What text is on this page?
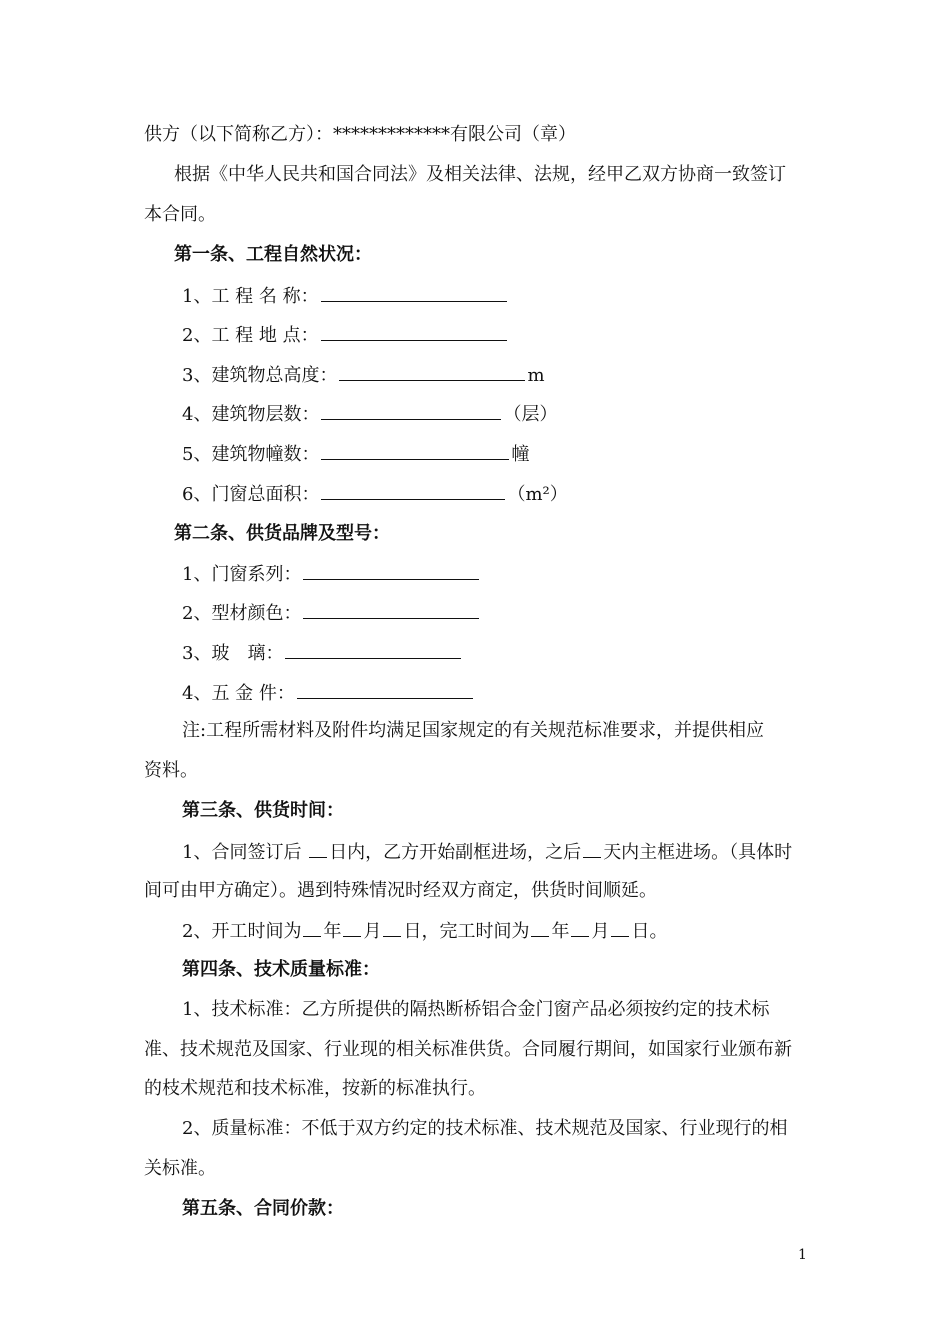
供方（以下简称乙方）：*************有限公司（章）
根据《中华人民共和国合同法》及相关法律、法规，经甲乙双方协商一致签订
本合同。
第一条、工程自然状况：
1、工 程 名 称：
2、工 程 地 点：
3、建筑物总高度：	m
4、建筑物层数：	（层）
5、建筑物幢数：	幢
6、门窗总面积：	（m²）
第二条、供货品牌及型号：
1、门窗系列：
2、型材颜色：
3、玻　璃：
4、五 金 件：
注:工程所需材料及附件均满足国家规定的有关规范标准要求，并提供相应
资料。
第三条、供货时间：
1、合同签订后 日内，乙方开始副框进场，之后 天内主框进场。（具体时
间可由甲方确定）。遇到特殊情况时经双方商定，供货时间顺延。
2、开工时间为 年 月 日，完工时间为 年 月 日。
第四条、技术质量标准：
1、技术标准：乙方所提供的隔热断桥铝合金门窗产品必须按约定的技术标
准、技术规范及国家、行业现的相关标准供货。合同履行期间，如国家行业颁布新
的枝术规范和技术标准，按新的标准执行。
2、质量标准：不低于双方约定的技术标准、技术规范及国家、行业现行的相
关标准。
第五条、合同价款：
1
